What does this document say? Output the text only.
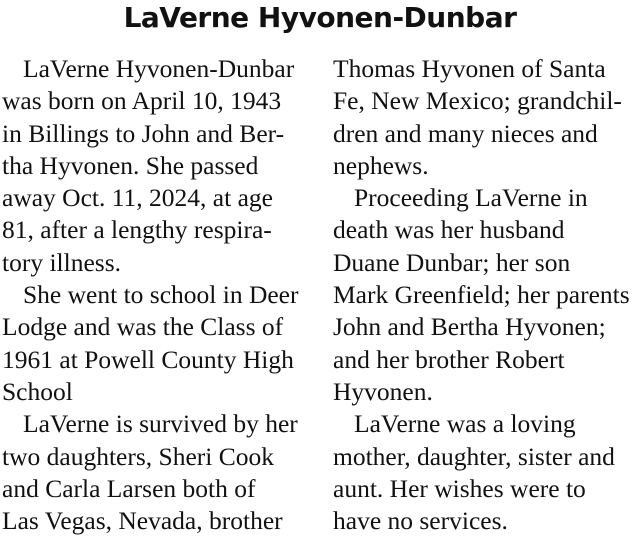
LaVerne Hyvonen-Dunbar
LaVerne Hyvonen-Dunbar
was born on April 10, 1943
in Billings to John and Ber-
tha Hyvonen. She passed
away Oct. 11, 2024, at age
81, after a lengthy respira-
tory illness.
She went to school in Deer
Lodge and was the Class of
1961 at Powell County High
School
LaVerne is survived by her
two daughters, Sheri Cook
and Carla Larsen both of
Las Vegas, Nevada, brother
Thomas Hyvonen of Santa
Fe, New Mexico; grandchil-
dren and many nieces and
nephews.
Proceeding LaVerne in
death was her husband
Duane Dunbar; her son
Mark Greenfield; her parents
John and Bertha Hyvonen;
and her brother Robert
Hyvonen.
LaVerne was a loving
mother, daughter, sister and
aunt. Her wishes were to
have no services.
